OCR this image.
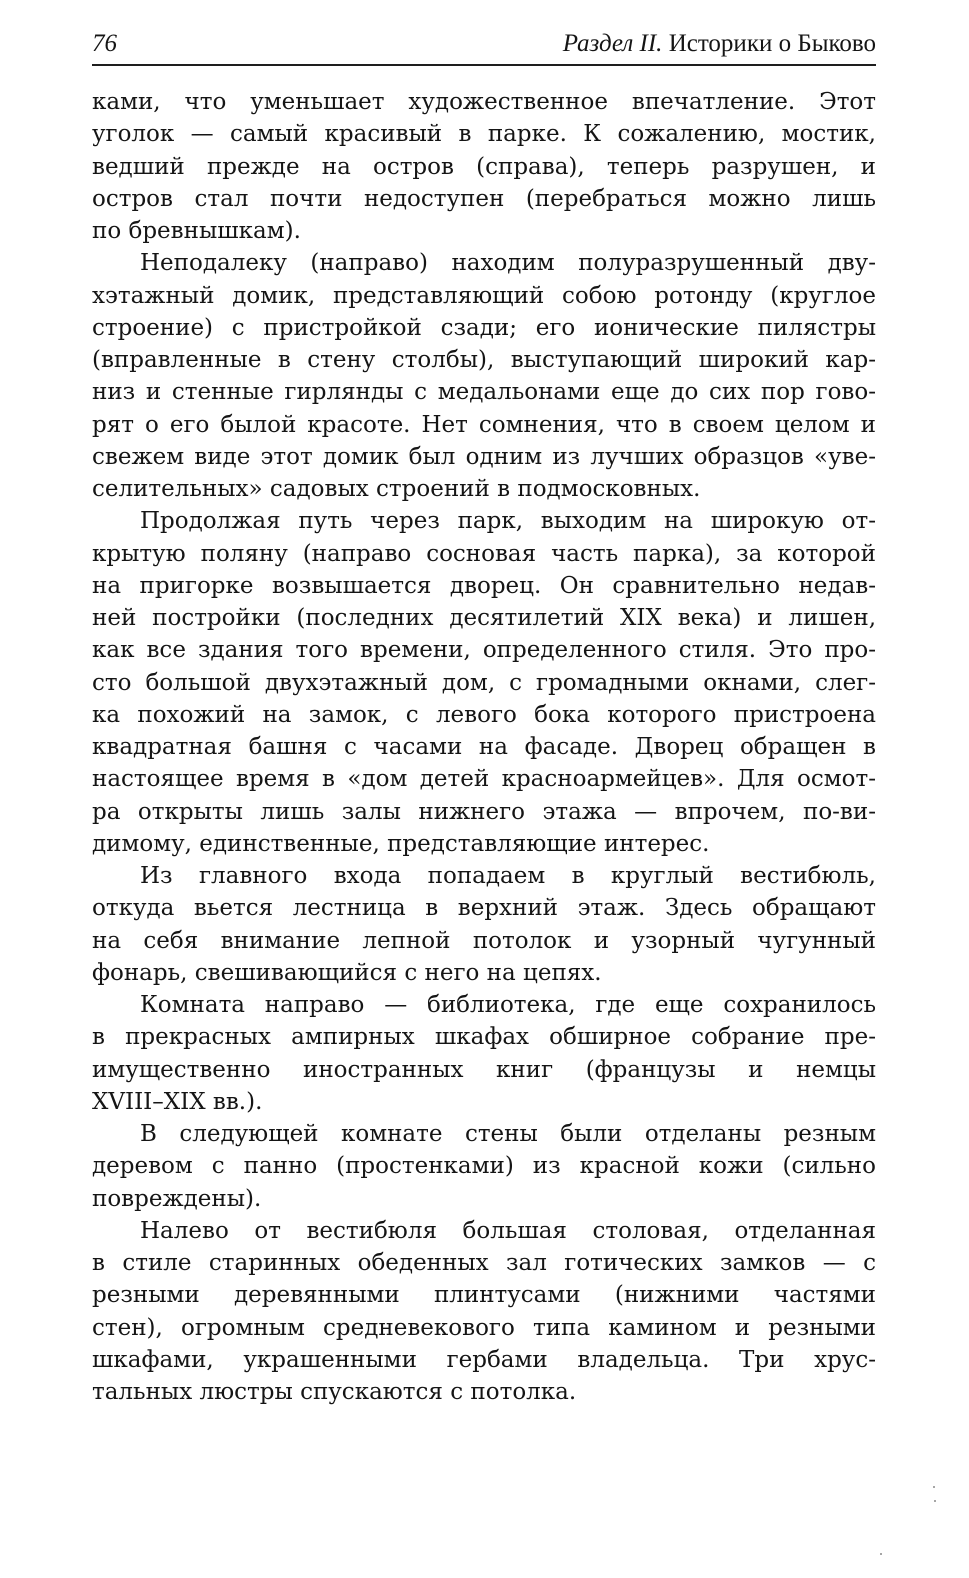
76	Раздел II. Историки о Быково
ками, что уменьшает художественное впечатление. Этот
уголок — самый красивый в парке. К сожалению, мостик,
ведший прежде на остров (справа), теперь разрушен, и
остров стал почти недоступен (перебраться можно лишь
по бревнышкам).
Неподалеку (направо) находим полуразрушенный дву-
хэтажный домик, представляющий собою ротонду (круглое
строение) с пристройкой сзади; его ионические пилястры
(вправленные в стену столбы), выступающий широкий кар-
низ и стенные гирлянды с медальонами еще до сих пор гово-
рят о его былой красоте. Нет сомнения, что в своем целом и
свежем виде этот домик был одним из лучших образцов «уве-
селительных» садовых строений в подмосковных.
Продолжая путь через парк, выходим на широкую от-
крытую поляну (направо сосновая часть парка), за которой
на пригорке возвышается дворец. Он сравнительно недав-
ней постройки (последних десятилетий XIX века) и лишен,
как все здания того времени, определенного стиля. Это про-
сто большой двухэтажный дом, с громадными окнами, слег-
ка похожий на замок, с левого бока которого пристроена
квадратная башня с часами на фасаде. Дворец обращен в
настоящее время в «дом детей красноармейцев». Для осмот-
ра открыты лишь залы нижнего этажа — впрочем, по-ви-
димому, единственные, представляющие интерес.
Из главного входа попадаем в круглый вестибюль,
откуда вьется лестница в верхний этаж. Здесь обращают
на себя внимание лепной потолок и узорный чугунный
фонарь, свешивающийся с него на цепях.
Комната направо — библиотека, где еще сохранилось
в прекрасных ампирных шкафах обширное собрание пре-
имущественно иностранных книг (французы и немцы
XVIII–XIX вв.).
В следующей комнате стены были отделаны резным
деревом с панно (простенками) из красной кожи (сильно
повреждены).
Налево от вестибюля большая столовая, отделанная
в стиле старинных обеденных зал готических замков — с
резными деревянными плинтусами (нижними частями
стен), огромным средневекового типа камином и резными
шкафами, украшенными гербами владельца. Три хрус-
тальных люстры спускаются с потолка.
